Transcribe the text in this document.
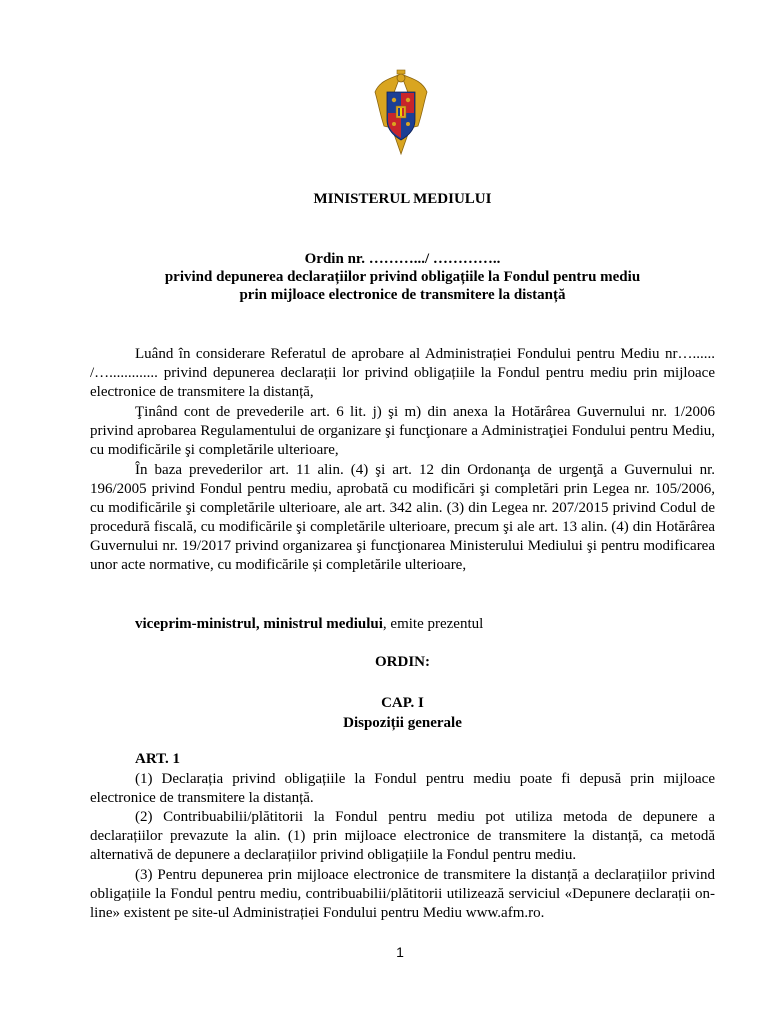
MINISTERUL MEDIULUI
Ordin nr. ……….../ …………..
privind depunerea declarațiilor privind obligațiile la Fondul pentru mediu
prin mijloace electronice de transmitere la distanță

Luând în considerare Referatul de aprobare al Administrației Fondului pentru Mediu nr…...... /…............. privind depunerea declarații lor privind obligațiile la Fondul pentru mediu prin mijloace electronice de transmitere la distanță,

Ţinând cont de prevederile art. 6 lit. j) şi m) din anexa la Hotărârea Guvernului nr. 1/2006 privind aprobarea Regulamentului de organizare şi funcţionare a Administraţiei Fondului pentru Mediu, cu modificările şi completările ulterioare,

În baza prevederilor art. 11 alin. (4) şi art. 12 din Ordonanţa de urgenţă a Guvernului nr. 196/2005 privind Fondul pentru mediu, aprobată cu modificări şi completări prin Legea nr. 105/2006, cu modificările şi completările ulterioare, ale art. 342 alin. (3) din Legea nr. 207/2015 privind Codul de procedură fiscală, cu modificările şi completările ulterioare, precum şi ale art. 13 alin. (4) din Hotărârea Guvernului nr. 19/2017 privind organizarea şi funcţionarea Ministerului Mediului şi pentru modificarea unor acte normative, cu modificările și completările ulterioare,

viceprim-ministrul, ministrul mediului, emite prezentul
ORDIN:
CAP. I
Dispoziții generale
ART. 1

(1) Declarația privind obligațiile la Fondul pentru mediu poate fi depusă prin mijloace electronice de transmitere la distanță.

(2) Contribuabilii/plătitorii la Fondul pentru mediu pot utiliza metoda de depunere a declarațiilor prevazute la alin. (1) prin mijloace electronice de transmitere la distanță, ca metodă alternativă de depunere a declarațiilor privind obligațiile la Fondul pentru mediu.

(3) Pentru depunerea prin mijloace electronice de transmitere la distanță a declarațiilor privind obligațiile la Fondul pentru mediu, contribuabilii/plătitorii utilizează serviciul «Depunere declarații on-line» existent pe site-ul Administrației Fondului pentru Mediu www.afm.ro.

1
